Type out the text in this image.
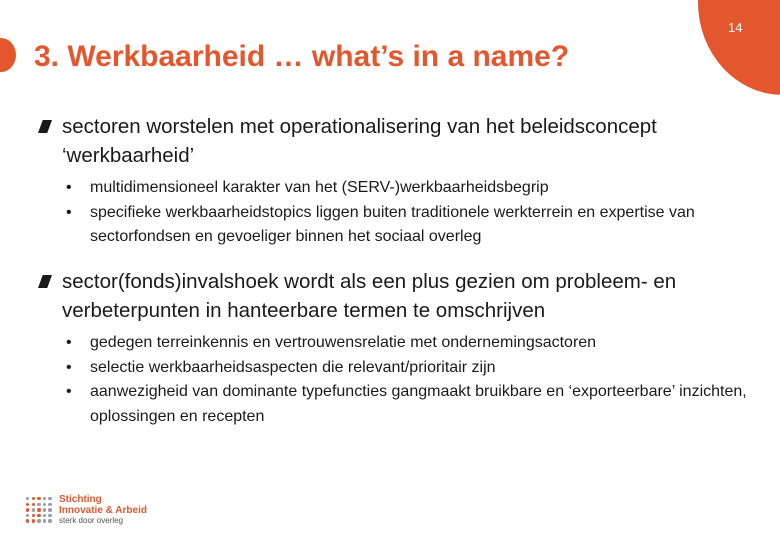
14
3. Werkbaarheid … what’s in a name?
sectoren worstelen met operationalisering van het beleidsconcept ‘werkbaarheid’
• multidimensioneel karakter van het (SERV-)werkbaarheidsbegrip
• specifieke werkbaarheidstopics liggen buiten traditionele werkterrein en expertise van sectorfondsen en gevoeliger binnen het sociaal overleg
sector(fonds)invalshoek wordt als een plus gezien om probleem- en verbeterpunten in hanteerbare termen te omschrijven
• gedegen terreinkennis en vertrouwensrelatie met ondernemingsactoren
• selectie werkbaarheidsaspecten die relevant/prioritair zijn
• aanwezigheid van dominante typefuncties gangmaakt bruikbare en ‘exporteerbare’ inzichten, oplossingen en recepten
Stichting
Innovatie & Arbeid
sterk door overleg
